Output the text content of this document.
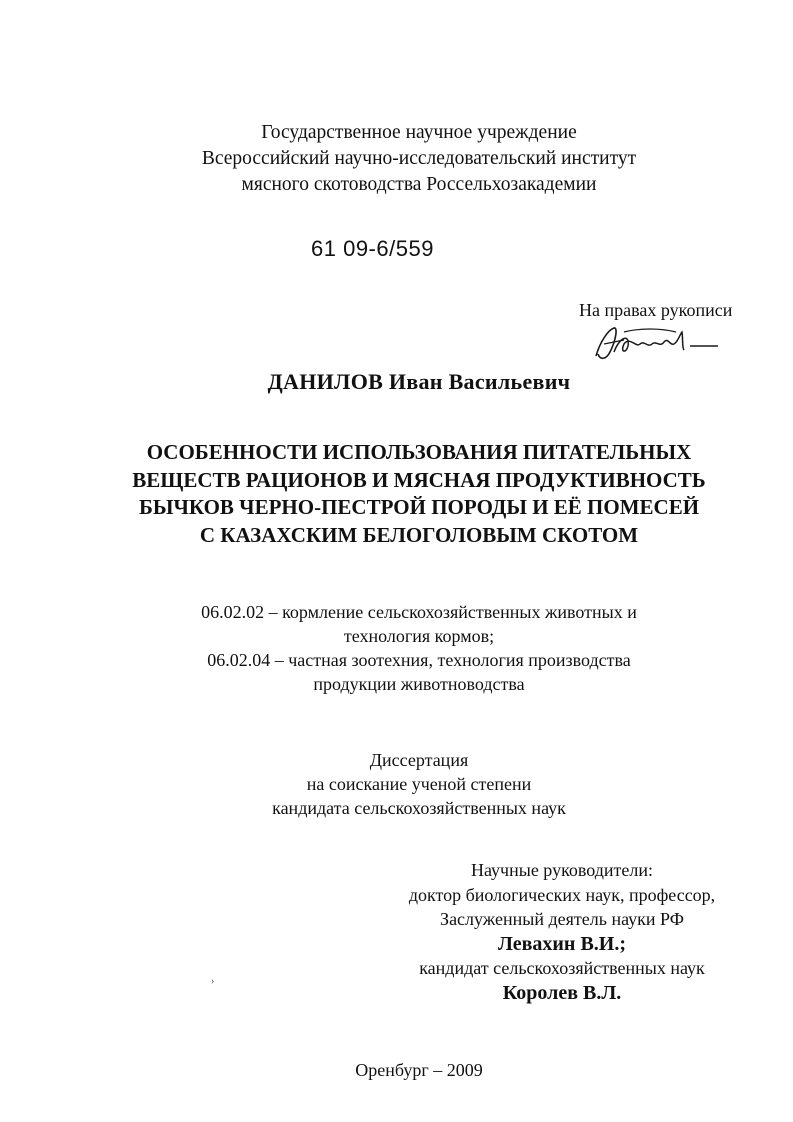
Государственное научное учреждение
Всероссийский научно-исследовательский институт
мясного скотоводства Россельхозакадемии
61 09-6/559
На правах рукописи
ДАНИЛОВ Иван Васильевич
ОСОБЕННОСТИ ИСПОЛЬЗОВАНИЯ ПИТАТЕЛЬНЫХ
ВЕЩЕСТВ РАЦИОНОВ И МЯСНАЯ ПРОДУКТИВНОСТЬ
БЫЧКОВ ЧЕРНО-ПЕСТРОЙ ПОРОДЫ И ЕЁ ПОМЕСЕЙ
С КАЗАХСКИМ БЕЛОГОЛОВЫМ СКОТОМ
06.02.02 – кормление сельскохозяйственных животных и
технология кормов;
06.02.04 – частная зоотехния, технология производства
продукции животноводства
Диссертация
на соискание ученой степени
кандидата сельскохозяйственных наук
Научные руководители:
доктор биологических наук, профессор,
Заслуженный деятель науки РФ
Левахин В.И.;
кандидат сельскохозяйственных наук
Королев В.Л.
›
Оренбург – 2009
